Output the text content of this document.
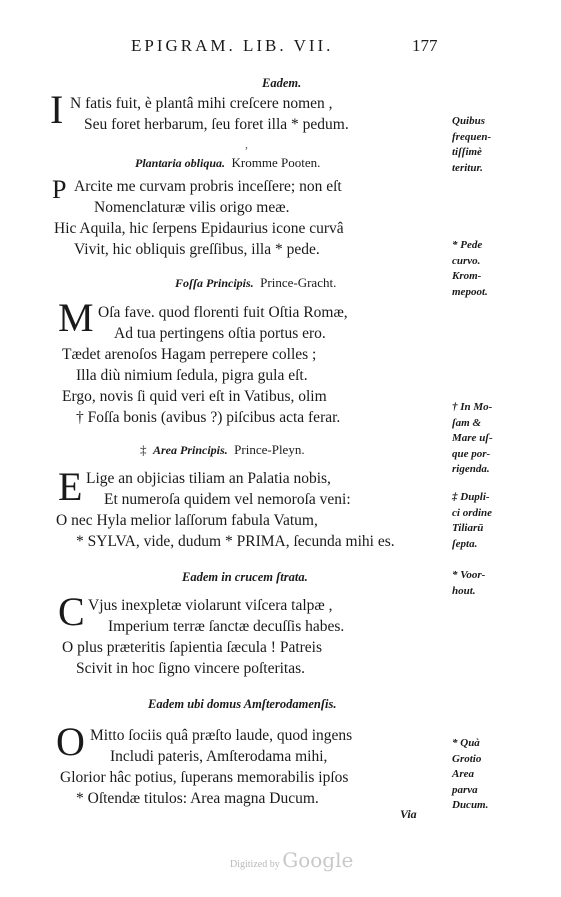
EPIGRAM. LIB. VII.	177
Eadem.
I N fatis fuit, è plantâ mihi creſcere nomen ,
Seu foret herbarum, ſeu foret illa * pedum.
,
Plantaria obliqua. Kromme Pooten.
P Arcite me curvam probris inceſſere; non eſt
Nomenclaturæ vilis origo meæ.
Hic Aquila, hic ſerpens Epidaurius icone curvâ
Vivit, hic obliquis greſſibus, illa * pede.
Foſſa Principis. Prince-Gracht.
M Oſa fave. quod florenti fuit Oſtia Romæ,
Ad tua pertingens oſtia portus ero.
Tædet arenoſos Hagam perrepere colles ;
Illa diù nimium ſedula, pigra gula eſt.
Ergo, novis ſi quid veri eſt in Vatibus, olim
† Foſſa bonis (avibus ?) piſcibus acta ferar.
‡ Area Principis. Prince-Pleyn.
E Lige an objicias tiliam an Palatia nobis,
Et numeroſa quidem vel nemoroſa veni:
O nec Hyla melior laſſorum fabula Vatum,
* SYLVA, vide, dudum * PRIMA, ſecunda mihi es.
Eadem in crucem ſtrata.
C Vjus inexpletæ violarunt viſcera talpæ ,
Imperium terræ ſanctæ decuſſis habes.
O plus præteritis ſapientia ſæcula ! Patreis
Scivit in hoc ſigno vincere poſteritas.
Eadem ubi domus Amſterodamenſis.
O Mitto ſociis quâ præſto laude, quod ingens
Includi pateris, Amſterodama mihi,
Glorior hâc potius, ſuperans memorabilis ipſos
* Oſtendæ titulos: Area magna Ducum.
Quibus
frequen-
tiſſimè
teritur.
* Pede
curvo.
Krom-
mepoot.
† In Mo-
ſam &
Mare uſ-
que por-
rigenda.
‡ Dupli-
ci ordine
Tiliarū
ſepta.
* Voor-
hout.
* Quà
Grotio
Area
parva
Ducum.
Via
Digitized by Google
